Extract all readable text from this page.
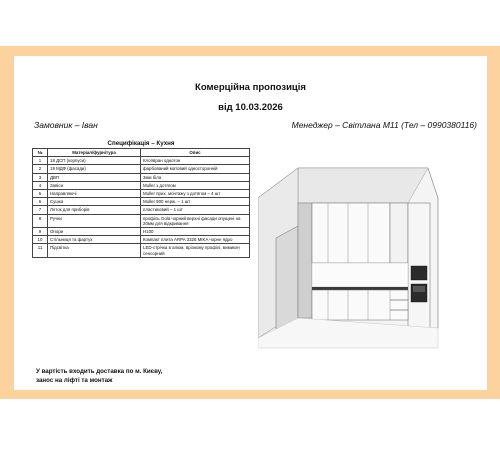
Комерційна пропозиція
від 10.03.2026
Замовник – Іван	Менеджер – Світлана М11 (Тел – 0990380116)
Специфікація – Кухня
№	Матеріал/фурнітура	Опис
1	18 ДСП (корпуси)	Клопвран однотон
2	19 МДФ (фасади)	фарбований матовий односторонній
3	ДВП	3мм біла
4	Завіси	Muller з дотягом
5	Направляючі	Muller прих. монтажу з дотягом – 4 шт
6	Сушка	Muller 900 нерж. – 1 шт
7	Лоток для приборів	пластиковий – 1 шт
8	Ручки	профіль Gola чорний верхні фасади опущені на 20мм для відкривання
9	Опори	Н100
10	Стільниця та фартух	Компакт плита ARPA 3326 MIKA чорне ядро
11	Підсвітка	LED-стрічка в алюм. врізному профілі, вимикач сенсорний
У вартість входить доставка по м. Києву,
занос на ліфті та монтаж
